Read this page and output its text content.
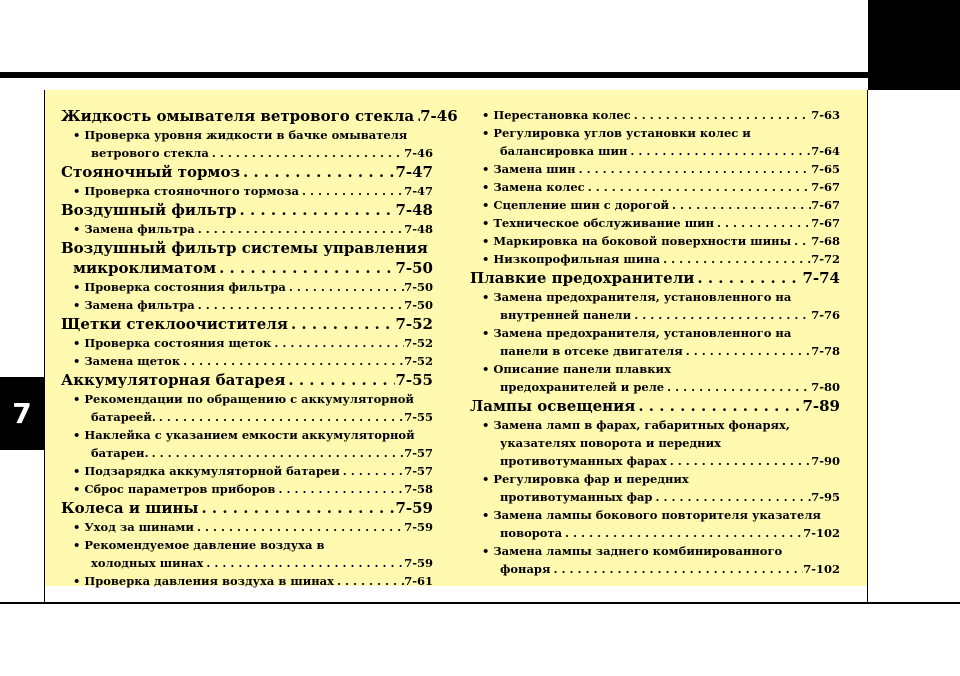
7
Жидкость омывателя ветрового стекла . . . 7-46
• Проверка уровня жидкости в бачке омывателя
ветрового стекла . . .	7-46
Стояночный тормоз . . .	7-47
• Проверка стояночного тормоза . . .	7-47
Воздушный фильтр . . .	7-48
• Замена фильтра . . .	7-48
Воздушный фильтр системы управления
микроклиматом . . .	7-50
• Проверка состояния фильтра . . .	7-50
• Замена фильтра . . .	7-50
Щетки стеклоочистителя . . .	7-52
• Проверка состояния щеток . . .	7-52
• Замена щеток . . .	7-52
Аккумуляторная батарея . . .	7-55
• Рекомендации по обращению с аккумуляторной
батареей. . . .	7-55
• Наклейка с указанием емкости аккумуляторной
батареи. . . .	7-57
• Подзарядка аккумуляторной батареи . . .	7-57
• Сброс параметров приборов . . .	7-58
Колеса и шины . . .	7-59
• Уход за шинами . . .	7-59
• Рекомендуемое давление воздуха в
холодных шинах . . .	7-59
• Проверка давления воздуха в шинах . . .	7-61
• Перестановка колес . . .	7-63
• Регулировка углов установки колес и
балансировка шин . . .	7-64
• Замена шин . . .	7-65
• Замена колес . . .	7-67
• Сцепление шин с дорогой . . .	7-67
• Техническое обслуживание шин . . .	7-67
• Маркировка на боковой поверхности шины . . . 7-68
• Низкопрофильная шина . . .	7-72
Плавкие предохранители . . .	7-74
• Замена предохранителя, установленного на
внутренней панели . . .	7-76
• Замена предохранителя, установленного на
панели в отсеке двигателя . . .	7-78
• Описание панели плавких
предохранителей и реле . . .	7-80
Лампы освещения . . .	7-89
• Замена ламп в фарах, габаритных фонарях,
указателях поворота и передних
противотуманных фарах . . .	7-90
• Регулировка фар и передних
противотуманных фар . . .	7-95
• Замена лампы бокового повторителя указателя
поворота . . .	7-102
• Замена лампы заднего комбинированного
фонаря . . .	7-102
